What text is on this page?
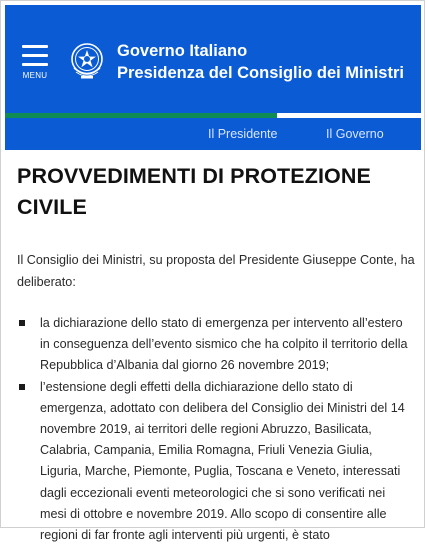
MENU
Governo Italiano
Presidenza del Consiglio dei Ministri
Il Presidente	Il Governo
PROVVEDIMENTI DI PROTEZIONE CIVILE

Il Consiglio dei Ministri, su proposta del Presidente Giuseppe Conte, ha deliberato:

la dichiarazione dello stato di emergenza per intervento all’estero in conseguenza dell’evento sismico che ha colpito il territorio della Repubblica d’Albania dal giorno 26 novembre 2019;
l’estensione degli effetti della dichiarazione dello stato di emergenza, adottato con delibera del Consiglio dei Ministri del 14 novembre 2019, ai territori delle regioni Abruzzo, Basilicata, Calabria, Campania, Emilia Romagna, Friuli Venezia Giulia, Liguria, Marche, Piemonte, Puglia, Toscana e Veneto, interessati dagli eccezionali eventi meteorologici che si sono verificati nei mesi di ottobre e novembre 2019. Allo scopo di consentire alle regioni di far fronte agli interventi più urgenti, è stato
